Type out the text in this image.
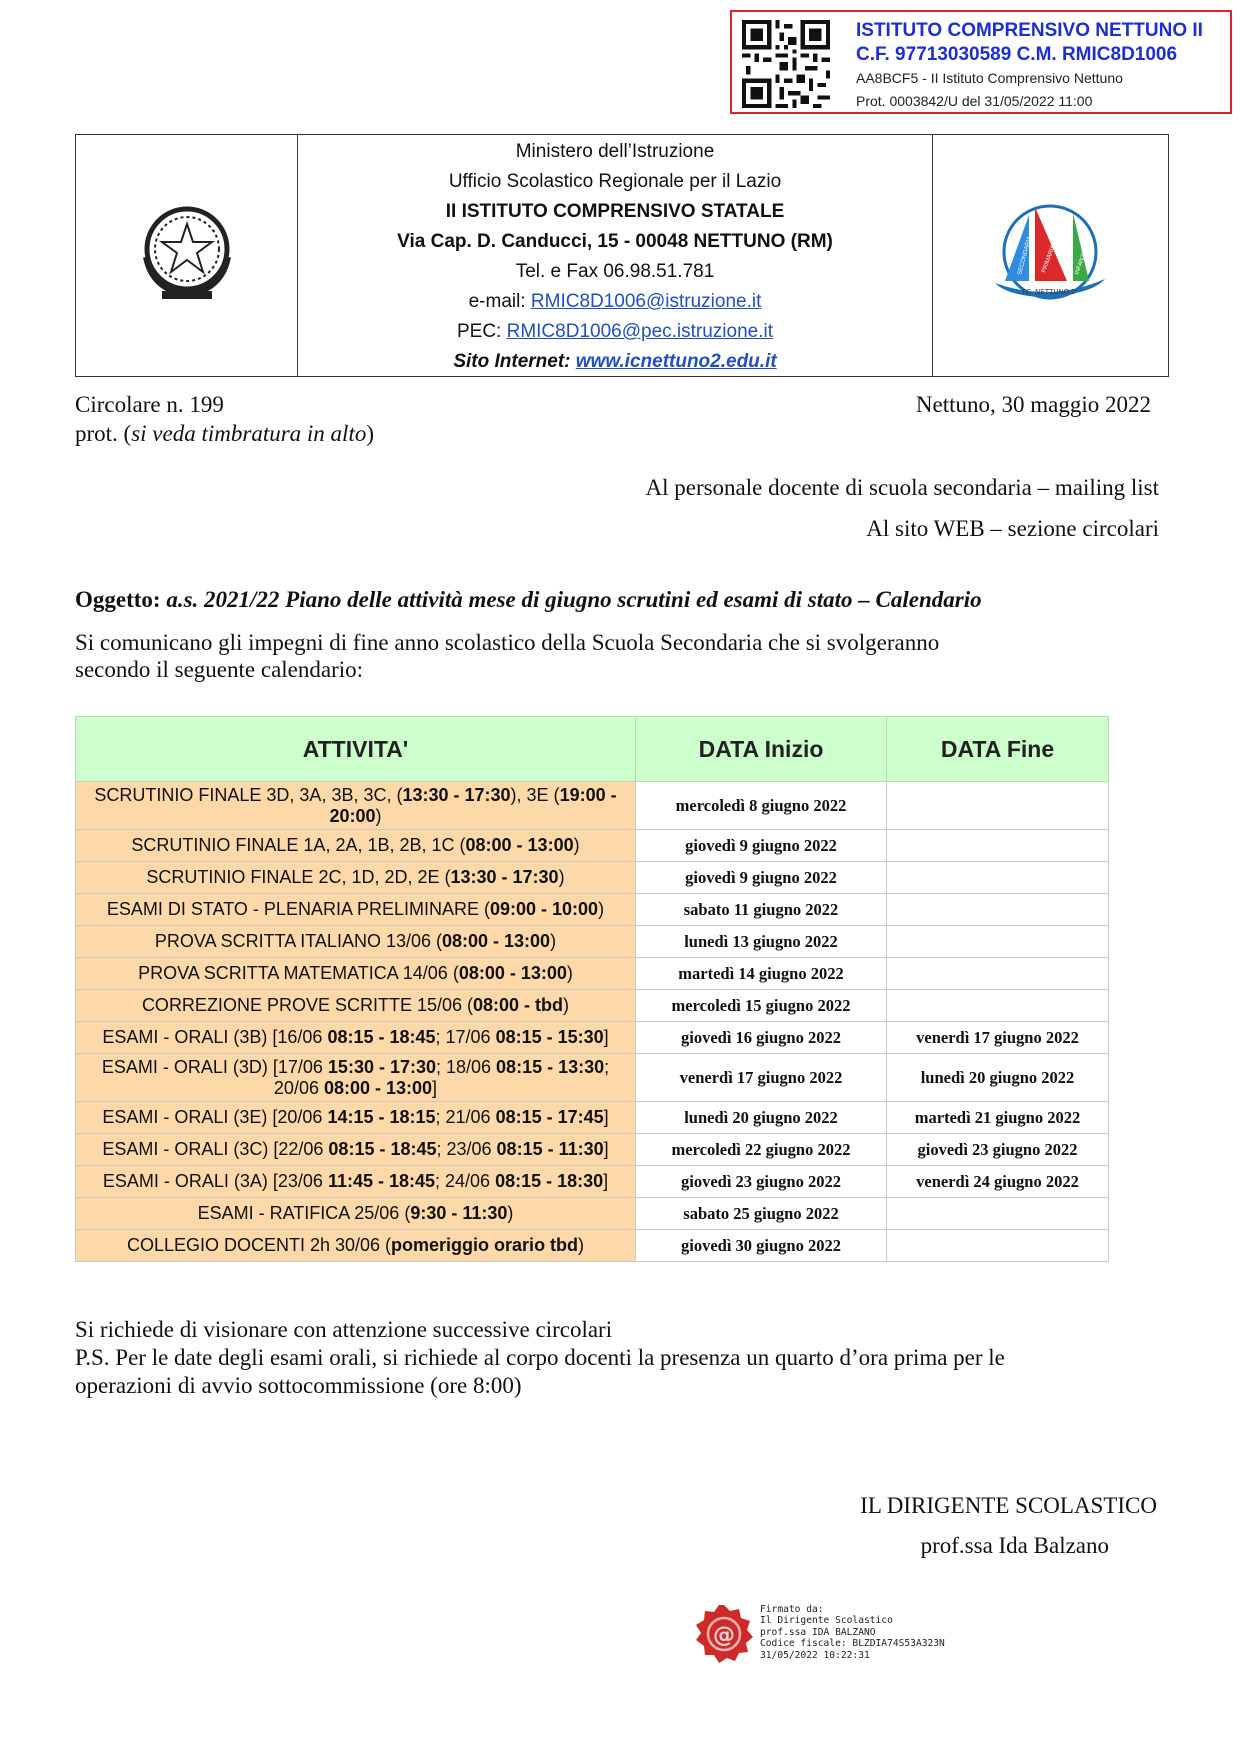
ISTITUTO COMPRENSIVO NETTUNO II
C.F. 97713030589 C.M. RMIC8D1006
AA8BCF5 - II Istituto Comprensivo Nettuno
Prot. 0003842/U del 31/05/2022 11:00
Ministero dell’Istruzione
Ufficio Scolastico Regionale per il Lazio
II ISTITUTO COMPRENSIVO STATALE
Via Cap. D. Canducci, 15 - 00048 NETTUNO (RM)
Tel. e Fax 06.98.51.781
e-mail: RMIC8D1006@istruzione.it
PEC: RMIC8D1006@pec.istruzione.it
Sito Internet: www.icnettuno2.edu.it
SECONDARIA PRIMARIA	INFANZIA
I.C. NETTUNO 2°
Circolare n. 199
prot. (si veda timbratura in alto)
Nettuno, 30 maggio 2022
Al personale docente di scuola secondaria – mailing list
Al sito WEB – sezione circolari
Oggetto: a.s. 2021/22 Piano delle attività mese di giugno scrutini ed esami di stato – Calendario
Si comunicano gli impegni di fine anno scolastico della Scuola Secondaria che si svolgeranno
secondo il seguente calendario:
ATTIVITA'	DATA Inizio	DATA Fine
SCRUTINIO FINALE 3D, 3A, 3B, 3C, (13:30 - 17:30), 3E (19:00 - 20:00)	mercoledì 8 giugno 2022	
SCRUTINIO FINALE 1A, 2A, 1B, 2B, 1C (08:00 - 13:00)	giovedì 9 giugno 2022	
SCRUTINIO FINALE 2C, 1D, 2D, 2E (13:30 - 17:30)	giovedì 9 giugno 2022	
ESAMI DI STATO - PLENARIA PRELIMINARE (09:00 - 10:00)	sabato 11 giugno 2022	
PROVA SCRITTA ITALIANO 13/06 (08:00 - 13:00)	lunedì 13 giugno 2022	
PROVA SCRITTA MATEMATICA 14/06 (08:00 - 13:00)	martedì 14 giugno 2022	
CORREZIONE PROVE SCRITTE 15/06 (08:00 - tbd)	mercoledì 15 giugno 2022	
ESAMI - ORALI (3B) [16/06 08:15 - 18:45; 17/06 08:15 - 15:30]	giovedì 16 giugno 2022	venerdì 17 giugno 2022
ESAMI - ORALI (3D) [17/06 15:30 - 17:30; 18/06 08:15 - 13:30; 20/06 08:00 - 13:00]	venerdì 17 giugno 2022	lunedì 20 giugno 2022
ESAMI - ORALI (3E) [20/06 14:15 - 18:15; 21/06 08:15 - 17:45]	lunedì 20 giugno 2022	martedì 21 giugno 2022
ESAMI - ORALI (3C) [22/06 08:15 - 18:45; 23/06 08:15 - 11:30]	mercoledì 22 giugno 2022	giovedì 23 giugno 2022
ESAMI - ORALI (3A) [23/06 11:45 - 18:45; 24/06 08:15 - 18:30]	giovedì 23 giugno 2022	venerdì 24 giugno 2022
ESAMI - RATIFICA 25/06 (9:30 - 11:30)	sabato 25 giugno 2022	
COLLEGIO DOCENTI 2h 30/06 (pomeriggio orario tbd)	giovedì 30 giugno 2022	
Si richiede di visionare con attenzione successive circolari
P.S. Per le date degli esami orali, si richiede al corpo docenti la presenza un quarto d’ora prima per le
operazioni di avvio sottocommissione (ore 8:00)
IL DIRIGENTE SCOLASTICO
prof.ssa Ida Balzano
@
Firmato da:
Il Dirigente Scolastico
prof.ssa IDA BALZANO
Codice fiscale: BLZDIA74S53A323N
31/05/2022 10:22:31
